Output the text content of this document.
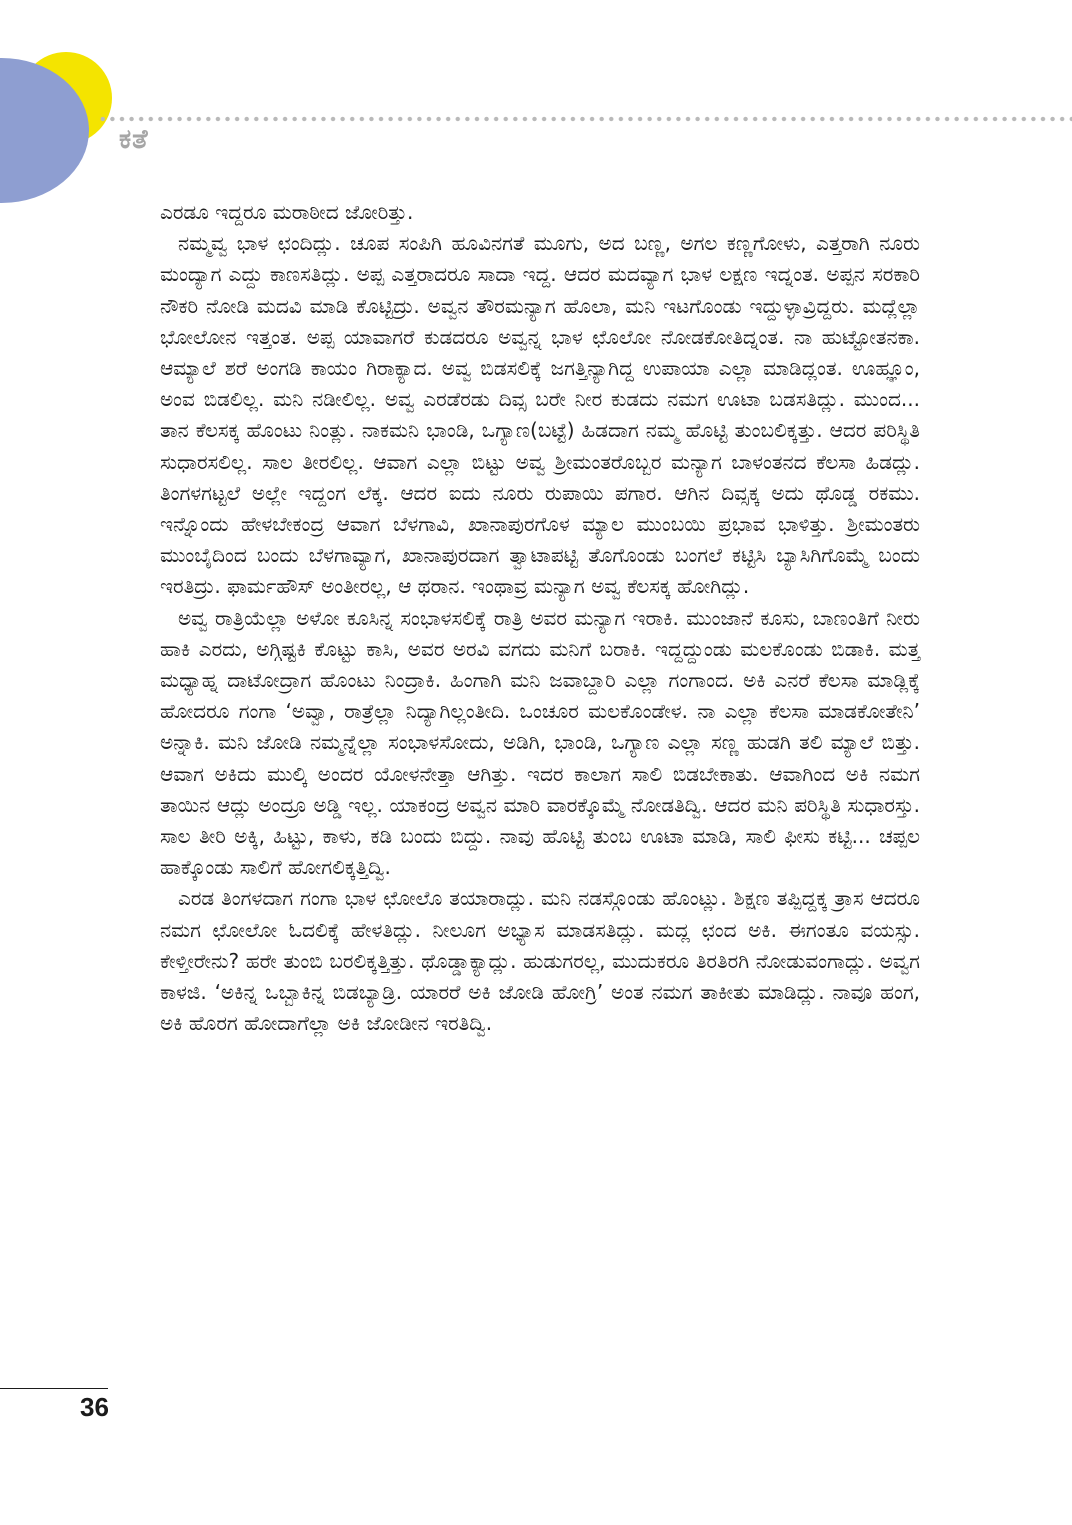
ಕತೆ

ಎರಡೂ ಇದ್ದರೂ ಮರಾಠೀದ ಜೋರಿತ್ತು.

ನಮ್ಮವ್ವ ಭಾಳ ಛಂದಿದ್ಲು. ಚೂಪ ಸಂಪಿಗಿ ಹೂವಿನಗತೆ ಮೂಗು, ಅದ ಬಣ್ಣ, ಅಗಲ ಕಣ್ಣಗೋಳು, ಎತ್ತರಾಗಿ ನೂರು ಮಂದ್ಯಾಗ ಎದ್ದು ಕಾಣಸತಿದ್ಲು. ಅಪ್ಪ ಎತ್ತರಾದರೂ ಸಾದಾ ಇದ್ದ. ಆದರ ಮದವ್ಯಾಗ ಭಾಳ ಲಕ್ಷಣ ಇದ್ನಂತ. ಅಪ್ಪನ ಸರಕಾರಿ ನೌಕರಿ ನೋಡಿ ಮದವಿ ಮಾಡಿ ಕೊಟ್ಟಿದ್ರು. ಅವ್ವನ ತೌರಮನ್ಯಾಗ ಹೊಲಾ, ಮನಿ ಇಟಗೊಂಡು ಇದ್ದುಳ್ಳಾವ್ರಿದ್ದರು. ಮದ್ಲೆಲ್ಲಾ ಭೋಲೋನ ಇತ್ತಂತ. ಅಪ್ಪ ಯಾವಾಗರೆ ಕುಡದರೂ ಅವ್ವನ್ನ ಭಾಳ ಛೊಲೋ ನೋಡಕೋತಿದ್ನಂತ. ನಾ ಹುಟ್ಟೋತನಕಾ. ಆಮ್ಯಾಲೆ ಶರೆ ಅಂಗಡಿ ಕಾಯಂ ಗಿರಾಕ್ಯಾದ. ಅವ್ವ ಬಿಡಸಲಿಕ್ಕೆ ಜಗತ್ತಿನ್ಯಾಗಿದ್ದ ಉಪಾಯಾ ಎಲ್ಲಾ ಮಾಡಿದ್ಲಂತ. ಊಹ್ಞೂಂ, ಅಂವ ಬಿಡಲಿಲ್ಲ. ಮನಿ ನಡೀಲಿಲ್ಲ. ಅವ್ವ ಎರಡೆರಡು ದಿವ್ಸ ಬರೇ ನೀರ ಕುಡದು ನಮಗ ಊಟಾ ಬಡಸತಿದ್ಲು. ಮುಂದ... ತಾನ ಕೆಲಸಕ್ಕ ಹೊಂಟು ನಿಂತ್ಲು. ನಾಕಮನಿ ಭಾಂಡಿ, ಒಗ್ಯಾಣ(ಬಟ್ಟೆ) ಹಿಡದಾಗ ನಮ್ಮ ಹೊಟ್ಟಿ ತುಂಬಲಿಕ್ಕತ್ತು. ಆದರ ಪರಿಸ್ಥಿತಿ ಸುಧಾರಸಲಿಲ್ಲ. ಸಾಲ ತೀರಲಿಲ್ಲ. ಆವಾಗ ಎಲ್ಲಾ ಬಿಟ್ಟು ಅವ್ವ ಶ್ರೀಮಂತರೊಬ್ಬರ ಮನ್ಯಾಗ ಬಾಳಂತನದ ಕೆಲಸಾ ಹಿಡದ್ಲು. ತಿಂಗಳಗಟ್ಟಲೆ ಅಲ್ಲೇ ಇದ್ದಂಗ ಲೆಕ್ಕ. ಆದರ ಐದು ನೂರು ರುಪಾಯಿ ಪಗಾರ. ಆಗಿನ ದಿವ್ಸಕ್ಕ ಅದು ಥೊಡ್ಡ ರಕಮು. ಇನ್ನೊಂದು ಹೇಳಬೇಕಂದ್ರ ಆವಾಗ ಬೆಳಗಾವಿ, ಖಾನಾಪುರಗೊಳ ಮ್ಯಾಲ ಮುಂಬಯಿ ಪ್ರಭಾವ ಭಾಳಿತ್ತು. ಶ್ರೀಮಂತರು ಮುಂಬೈದಿಂದ ಬಂದು ಬೆಳಗಾವ್ಯಾಗ, ಖಾನಾಪುರದಾಗ ತ್ವಾಟಾಪಟ್ಟಿ ತೊಗೊಂಡು ಬಂಗಲೆ ಕಟ್ಟಿಸಿ ಬ್ಯಾಸಿಗಿಗೊಮ್ಮೆ ಬಂದು ಇರತಿದ್ರು. ಫಾರ್ಮಹೌಸ್ ಅಂತೀರಲ್ಲ, ಆ ಥರಾನ. ಇಂಥಾವ್ರ ಮನ್ಯಾಗ ಅವ್ವ ಕೆಲಸಕ್ಕ ಹೋಗಿದ್ಲು.

ಅವ್ವ ರಾತ್ರಿಯೆಲ್ಲಾ ಅಳೋ ಕೂಸಿನ್ನ ಸಂಭಾಳಸಲಿಕ್ಕೆ ರಾತ್ರಿ ಅವರ ಮನ್ಯಾಗ ಇರಾಕಿ. ಮುಂಜಾನೆ ಕೂಸು, ಬಾಣಂತಿಗೆ ನೀರು ಹಾಕಿ ಎರದು, ಅಗ್ಗಿಷ್ಟಕಿ ಕೊಟ್ಟು ಕಾಸಿ, ಅವರ ಅರವಿ ವಗದು ಮನಿಗೆ ಬರಾಕಿ. ಇದ್ದದ್ದುಂಡು ಮಲಕೊಂಡು ಬಿಡಾಕಿ. ಮತ್ತ ಮಧ್ಯಾಹ್ನ ದಾಟೋದ್ರಾಗ ಹೊಂಟು ನಿಂದ್ರಾಕಿ. ಹಿಂಗಾಗಿ ಮನಿ ಜವಾಬ್ದಾರಿ ಎಲ್ಲಾ ಗಂಗಾಂದ. ಅಕಿ ಎನರೆ ಕೆಲಸಾ ಮಾಡ್ಲಿಕ್ಕೆ ಹೋದರೂ ಗಂಗಾ ‘ಅವ್ವಾ, ರಾತ್ರೆಲ್ಲಾ ನಿದ್ಯಾಗಿಲ್ಲಂತೀದಿ. ಒಂಚೂರ ಮಲಕೊಂಡೇಳ. ನಾ ಎಲ್ಲಾ ಕೆಲಸಾ ಮಾಡಕೋತೇನಿ’ ಅನ್ನಾಕಿ. ಮನಿ ಜೋಡಿ ನಮ್ಮನ್ನೆಲ್ಲಾ ಸಂಭಾಳಸೋದು, ಅಡಿಗಿ, ಭಾಂಡಿ, ಒಗ್ಯಾಣ ಎಲ್ಲಾ ಸಣ್ಣ ಹುಡಗಿ ತಲಿ ಮ್ಯಾಲೆ ಬಿತ್ತು. ಆವಾಗ ಅಕಿದು ಮುಲ್ಕಿ ಅಂದರ ಯೋಳನೇತ್ತಾ ಆಗಿತ್ತು. ಇದರ ಕಾಲಾಗ ಸಾಲಿ ಬಿಡಬೇಕಾತು. ಆವಾಗಿಂದ ಅಕಿ ನಮಗ ತಾಯಿನ ಆದ್ಲು ಅಂದ್ರೂ ಅಡ್ಡಿ ಇಲ್ಲ. ಯಾಕಂದ್ರ ಅವ್ವನ ಮಾರಿ ವಾರಕ್ಕೊಮ್ಮೆ ನೋಡತಿದ್ವಿ. ಆದರ ಮನಿ ಪರಿಸ್ಥಿತಿ ಸುಧಾರಸ್ತು. ಸಾಲ ತೀರಿ ಅಕ್ಕಿ, ಹಿಟ್ಟು, ಕಾಳು, ಕಡಿ ಬಂದು ಬಿದ್ದು. ನಾವು ಹೊಟ್ಟಿ ತುಂಬ ಊಟಾ ಮಾಡಿ, ಸಾಲಿ ಫೀಸು ಕಟ್ಟಿ... ಚಪ್ಪಲ ಹಾಕ್ಕೊಂಡು ಸಾಲಿಗೆ ಹೋಗಲಿಕ್ಕತ್ತಿದ್ವಿ.

ಎರಡ ತಿಂಗಳದಾಗ ಗಂಗಾ ಭಾಳ ಛೋಲೊ ತಯಾರಾದ್ಲು. ಮನಿ ನಡಸ್ಗೊಂಡು ಹೊಂಟ್ಲು. ಶಿಕ್ಷಣ ತಪ್ಪಿದ್ದಕ್ಕ ತ್ರಾಸ ಆದರೂ ನಮಗ ಛೋಲೋ ಓದಲಿಕ್ಕೆ ಹೇಳತಿದ್ಲು. ನೀಲೂಗ ಅಭ್ಯಾಸ ಮಾಡಸತಿದ್ಲು. ಮದ್ಲ ಛಂದ ಅಕಿ. ಈಗಂತೂ ವಯಸ್ಸು. ಕೇಳ್ತೀರೇನು? ಹರೇ ತುಂಬಿ ಬರಲಿಕ್ಕತ್ತಿತ್ತು. ಥೊಡ್ಡಾಕ್ಯಾದ್ಲು. ಹುಡುಗರಲ್ಲ, ಮುದುಕರೂ ತಿರತಿರಗಿ ನೋಡುವಂಗಾದ್ಲು. ಅವ್ವಗ ಕಾಳಜಿ. ‘ಅಕಿನ್ನ ಒಬ್ಬಾಕಿನ್ನ ಬಿಡಬ್ಯಾಡ್ರಿ. ಯಾರರೆ ಅಕಿ ಜೋಡಿ ಹೋಗ್ರಿ’ ಅಂತ ನಮಗ ತಾಕೀತು ಮಾಡಿದ್ಲು. ನಾವೂ ಹಂಗ, ಅಕಿ ಹೊರಗ ಹೋದಾಗೆಲ್ಲಾ ಅಕಿ ಜೋಡೀನ ಇರತಿದ್ವಿ.

36
